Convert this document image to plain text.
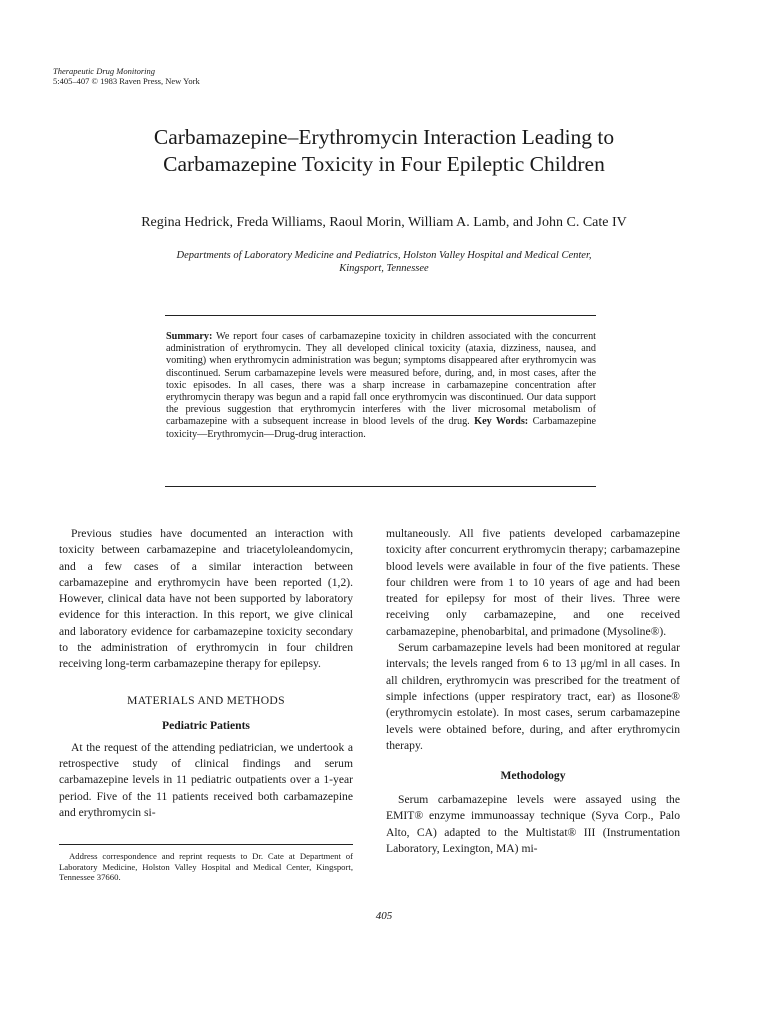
Therapeutic Drug Monitoring
5:405–407 © 1983 Raven Press, New York
Carbamazepine–Erythromycin Interaction Leading to
Carbamazepine Toxicity in Four Epileptic Children
Regina Hedrick, Freda Williams, Raoul Morin, William A. Lamb, and John C. Cate IV
Departments of Laboratory Medicine and Pediatrics, Holston Valley Hospital and Medical Center,
Kingsport, Tennessee
Summary: We report four cases of carbamazepine toxicity in children associated with the concurrent administration of erythromycin. They all developed clinical toxicity (ataxia, dizziness, nausea, and vomiting) when erythromycin administration was begun; symptoms disappeared after erythromycin was discontinued. Serum carbamazepine levels were measured before, during, and, in most cases, after the toxic episodes. In all cases, there was a sharp increase in carbamazepine concentration after erythromycin therapy was begun and a rapid fall once erythromycin was discontinued. Our data support the previous suggestion that erythromycin interferes with the liver microsomal metabolism of carbamazepine with a subsequent increase in blood levels of the drug. Key Words: Carbamazepine toxicity—Erythromycin—Drug-drug interaction.

Previous studies have documented an interaction with toxicity between carbamazepine and triacetyloleandomycin, and a few cases of a similar interaction between carbamazepine and erythromycin have been reported (1,2). However, clinical data have not been supported by laboratory evidence for this interaction. In this report, we give clinical and laboratory evidence for carbamazepine toxicity secondary to the administration of erythromycin in four children receiving long-term carbamazepine therapy for epilepsy.

MATERIALS AND METHODS
Pediatric Patients

At the request of the attending pediatrician, we undertook a retrospective study of clinical findings and serum carbamazepine levels in 11 pediatric outpatients over a 1-year period. Five of the 11 patients received both carbamazepine and erythromycin si-

multaneously. All five patients developed carbamazepine toxicity after concurrent erythromycin therapy; carbamazepine blood levels were available in four of the five patients. These four children were from 1 to 10 years of age and had been treated for epilepsy for most of their lives. Three were receiving only carbamazepine, and one received carbamazepine, phenobarbital, and primadone (Mysoline®).

Serum carbamazepine levels had been monitored at regular intervals; the levels ranged from 6 to 13 μg/ml in all cases. In all children, erythromycin was prescribed for the treatment of simple infections (upper respiratory tract, ear) as Ilosone® (erythromycin estolate). In most cases, serum carbamazepine levels were obtained before, during, and after erythromycin therapy.

Methodology

Serum carbamazepine levels were assayed using the EMIT® enzyme immunoassay technique (Syva Corp., Palo Alto, CA) adapted to the Multistat® III (Instrumentation Laboratory, Lexington, MA) mi-

Address correspondence and reprint requests to Dr. Cate at Department of Laboratory Medicine, Holston Valley Hospital and Medical Center, Kingsport, Tennessee 37660.
405
